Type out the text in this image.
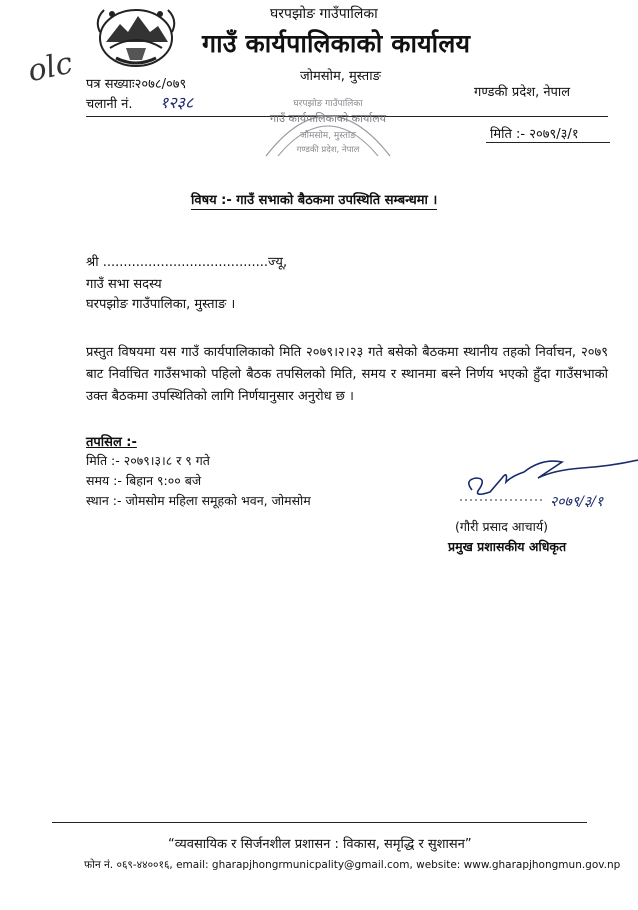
घरपझोङ गाउँपालिका
गाउँ कार्यपालिकाको कार्यालय
जोमसोम, मुस्ताङ
गण्डकी प्रदेश, नेपाल
olc पत्र सख्याः२०७८/०७९
चलानी नं. १२३८	घरपझोङ गाउँपालिका
गाउँ कार्यपालिकाको कार्यालय
जोमसोम, मुस्ताङ
गण्डकी प्रदेश, नेपाल
मिति :- २०७९/३/१
विषय :- गाउँ सभाको बैठकमा उपस्थिति सम्बन्धमा ।
श्री ........................................ज्यू,
गाउँ सभा सदस्य
घरपझोङ गाउँपालिका, मुस्ताङ ।
प्रस्तुत विषयमा यस गाउँ कार्यपालिकाको मिति २०७९।२।२३ गते बसेको बैठकमा स्थानीय तहको निर्वाचन, २०७९ बाट निर्वाचित गाउँसभाको पहिलो बैठक तपसिलको मिति, समय र स्थानमा बस्ने निर्णय भएको हुँदा गाउँसभाको उक्त बैठकमा उपस्थितिको लागि निर्णयानुसार अनुरोध छ ।
तपसिल :-
मिति :- २०७९।३।८ र ९ गते
समय :- बिहान ९:०० बजे
स्थान :- जोमसोम महिला समूहको भवन, जोमसोम	२०७९/३/१
(गौरी प्रसाद आचार्य)
प्रमुख प्रशासकीय अधिकृत
“व्यवसायिक र सिर्जनशील प्रशासन : विकास, समृद्धि र सुशासन”
फोन नं. ०६९-४४००१६, email: gharapjhongrmunicpality@gmail.com, website: www.gharapjhongmun.gov.np
